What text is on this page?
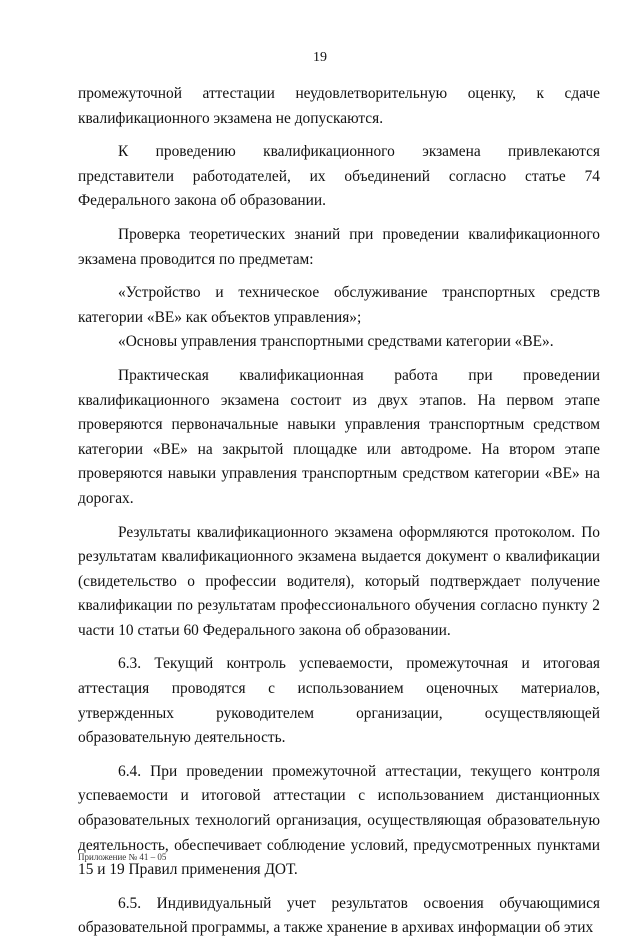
19

промежуточной аттестации неудовлетворительную оценку, к сдаче квалификационного экзамена не допускаются.

К проведению квалификационного экзамена привлекаются представители работодателей, их объединений согласно статье 74 Федерального закона об образовании.

Проверка теоретических знаний при проведении квалификационного экзамена проводится по предметам:

«Устройство и техническое обслуживание транспортных средств категории «ВЕ» как объектов управления»;

«Основы управления транспортными средствами категории «ВЕ».

Практическая квалификационная работа при проведении квалификационного экзамена состоит из двух этапов. На первом этапе проверяются первоначальные навыки управления транспортным средством категории «ВЕ» на закрытой площадке или автодроме. На втором этапе проверяются навыки управления транспортным средством категории «ВЕ» на дорогах.

Результаты квалификационного экзамена оформляются протоколом. По результатам квалификационного экзамена выдается документ о квалификации (свидетельство о профессии водителя), который подтверждает получение квалификации по результатам профессионального обучения согласно пункту 2 части 10 статьи 60 Федерального закона об образовании.

6.3. Текущий контроль успеваемости, промежуточная и итоговая аттестация проводятся с использованием оценочных материалов, утвержденных руководителем организации, осуществляющей образовательную деятельность.

6.4. При проведении промежуточной аттестации, текущего контроля успеваемости и итоговой аттестации с использованием дистанционных образовательных технологий организация, осуществляющая образовательную деятельность, обеспечивает соблюдение условий, предусмотренных пунктами 15 и 19 Правил применения ДОТ.

6.5. Индивидуальный учет результатов освоения обучающимися образовательной программы, а также хранение в архивах информации об этих

Приложение № 41 – 05
